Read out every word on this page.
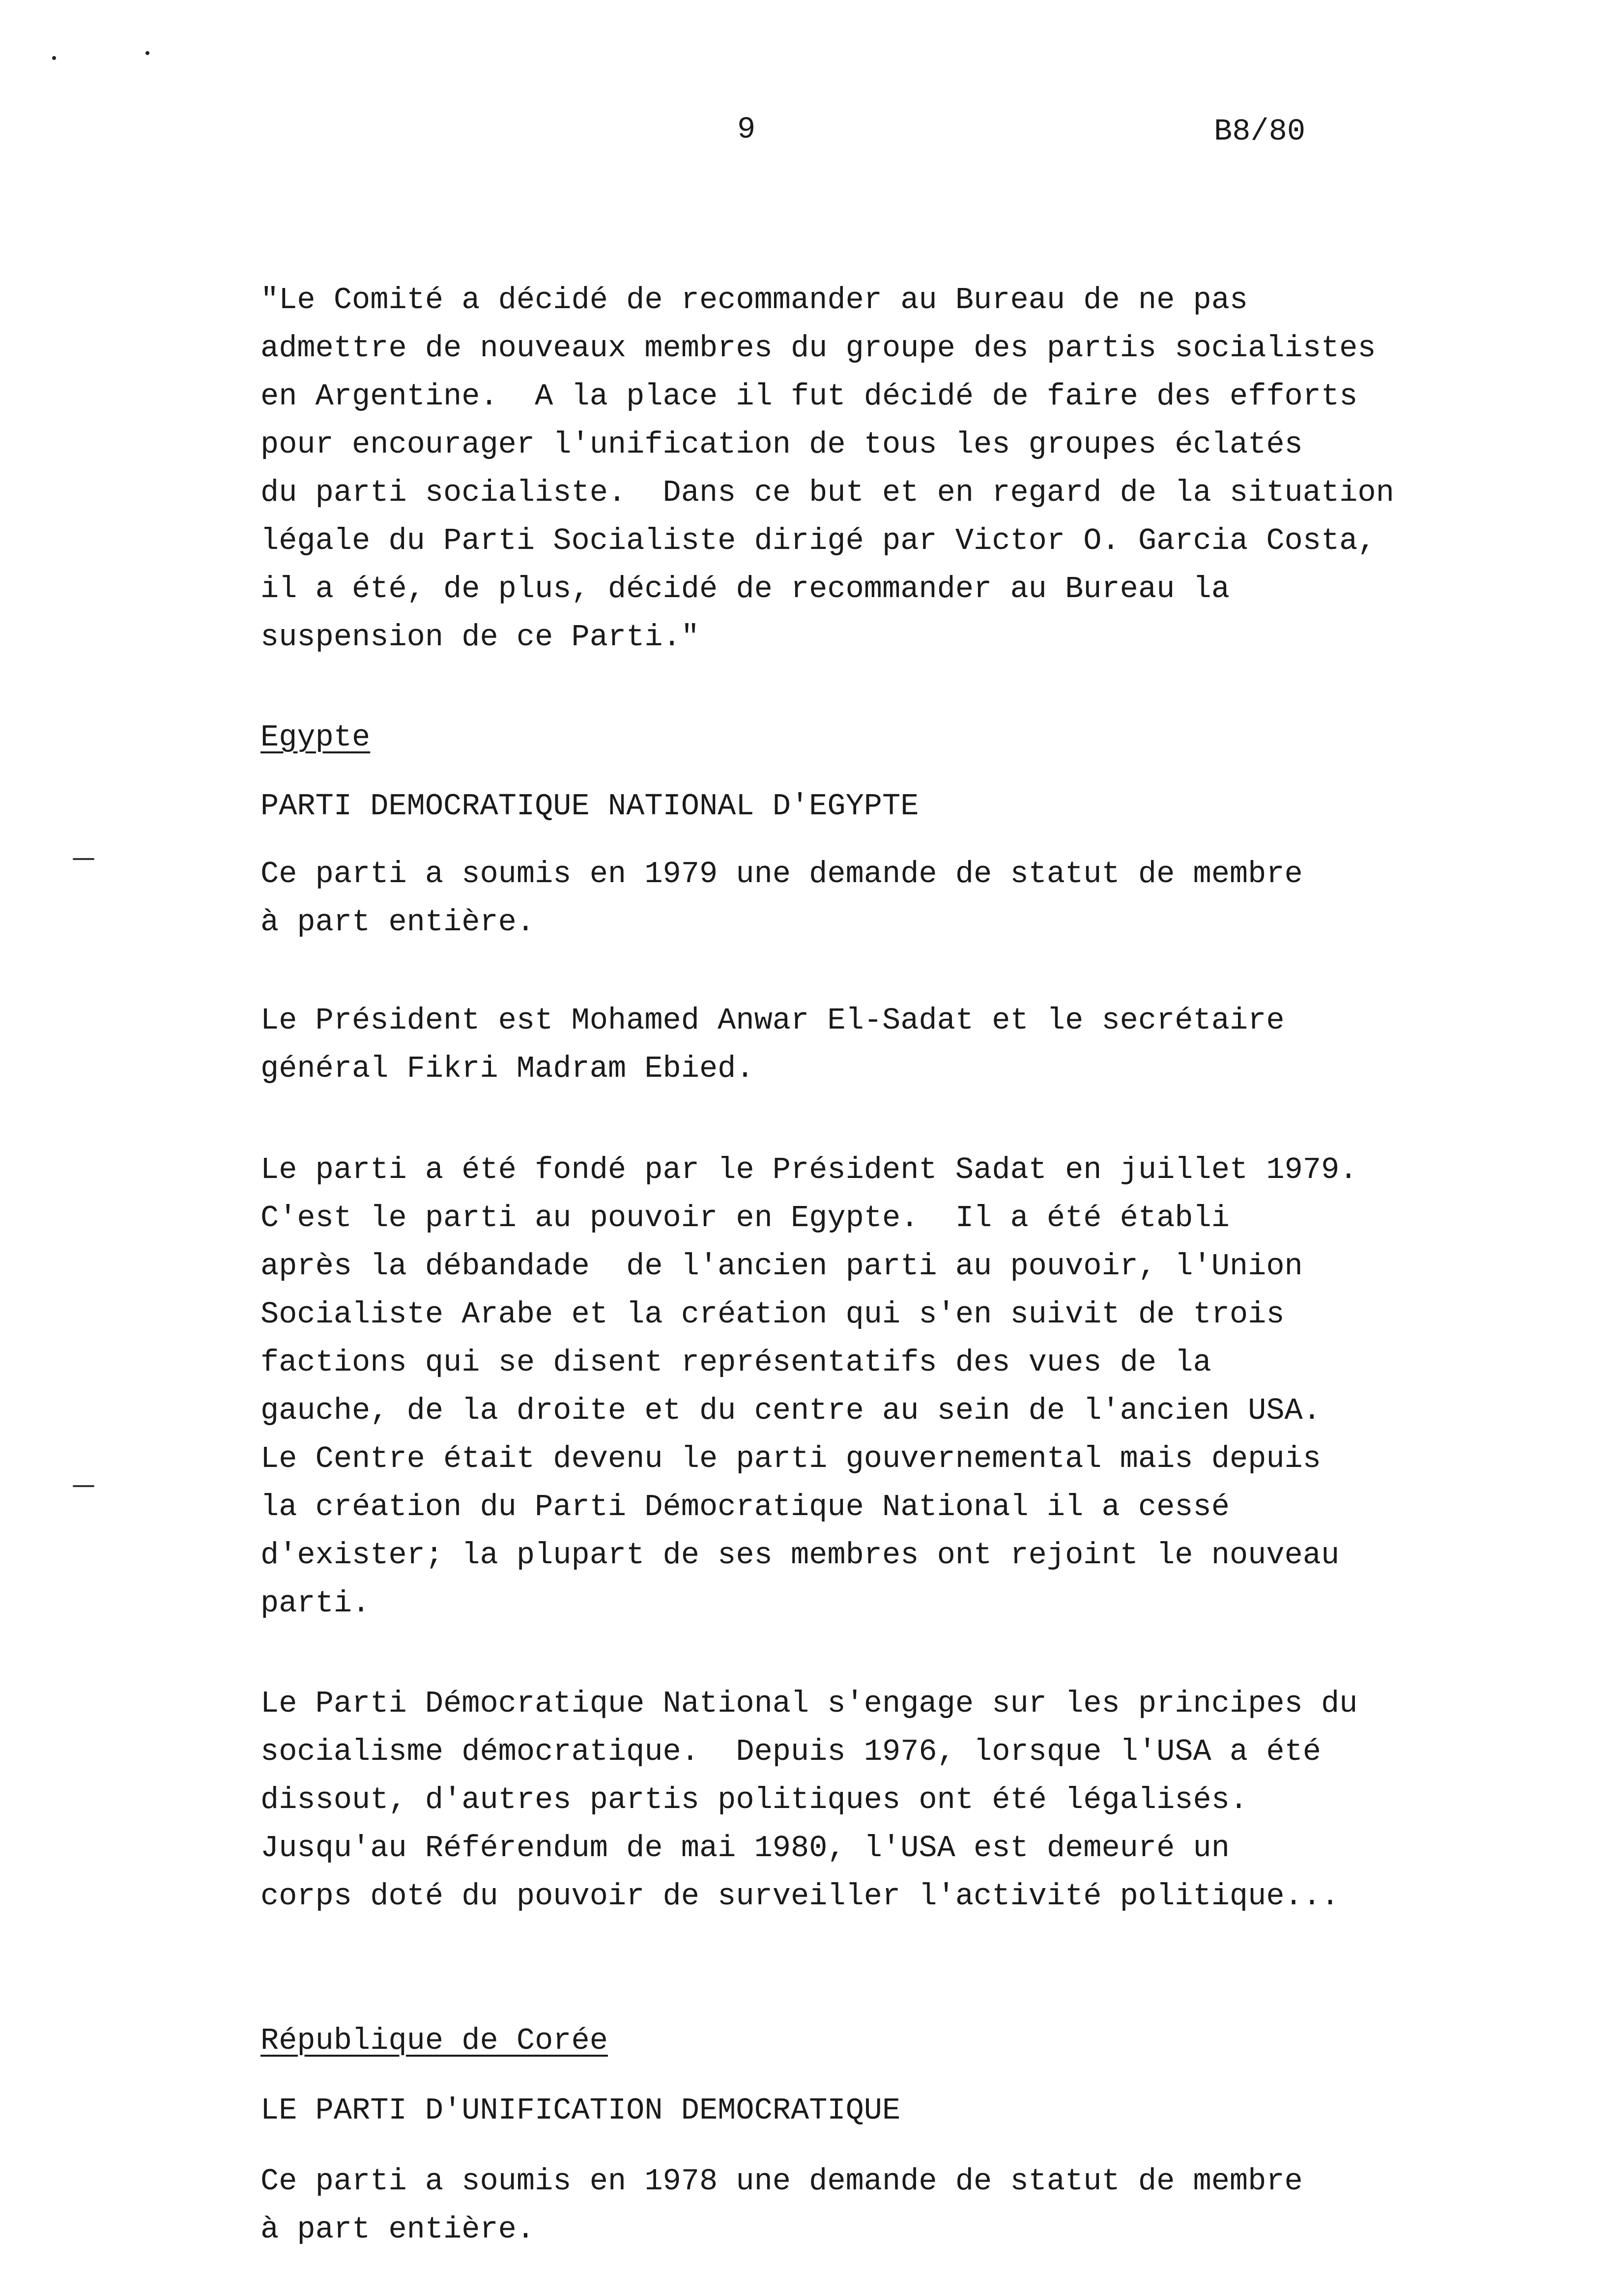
9	B8/80
"Le Comité a décidé de recommander au Bureau de ne pas
admettre de nouveaux membres du groupe des partis socialistes
en Argentine.  A la place il fut décidé de faire des efforts
pour encourager l'unification de tous les groupes éclatés
du parti socialiste.  Dans ce but et en regard de la situation
légale du Parti Socialiste dirigé par Victor O. Garcia Costa,
il a été, de plus, décidé de recommander au Bureau la
suspension de ce Parti."
Egypte
PARTI DEMOCRATIQUE NATIONAL D'EGYPTE
Ce parti a soumis en 1979 une demande de statut de membre
à part entière.
Le Président est Mohamed Anwar El-Sadat et le secrétaire
général Fikri Madram Ebied.
Le parti a été fondé par le Président Sadat en juillet 1979.
C'est le parti au pouvoir en Egypte.  Il a été établi
après la débandade  de l'ancien parti au pouvoir, l'Union
Socialiste Arabe et la création qui s'en suivit de trois
factions qui se disent représentatifs des vues de la
gauche, de la droite et du centre au sein de l'ancien USA.
Le Centre était devenu le parti gouvernemental mais depuis
la création du Parti Démocratique National il a cessé
d'exister; la plupart de ses membres ont rejoint le nouveau
parti.
Le Parti Démocratique National s'engage sur les principes du
socialisme démocratique.  Depuis 1976, lorsque l'USA a été
dissout, d'autres partis politiques ont été légalisés.
Jusqu'au Référendum de mai 1980, l'USA est demeuré un
corps doté du pouvoir de surveiller l'activité politique...
République de Corée
LE PARTI D'UNIFICATION DEMOCRATIQUE
Ce parti a soumis en 1978 une demande de statut de membre
à part entière.
